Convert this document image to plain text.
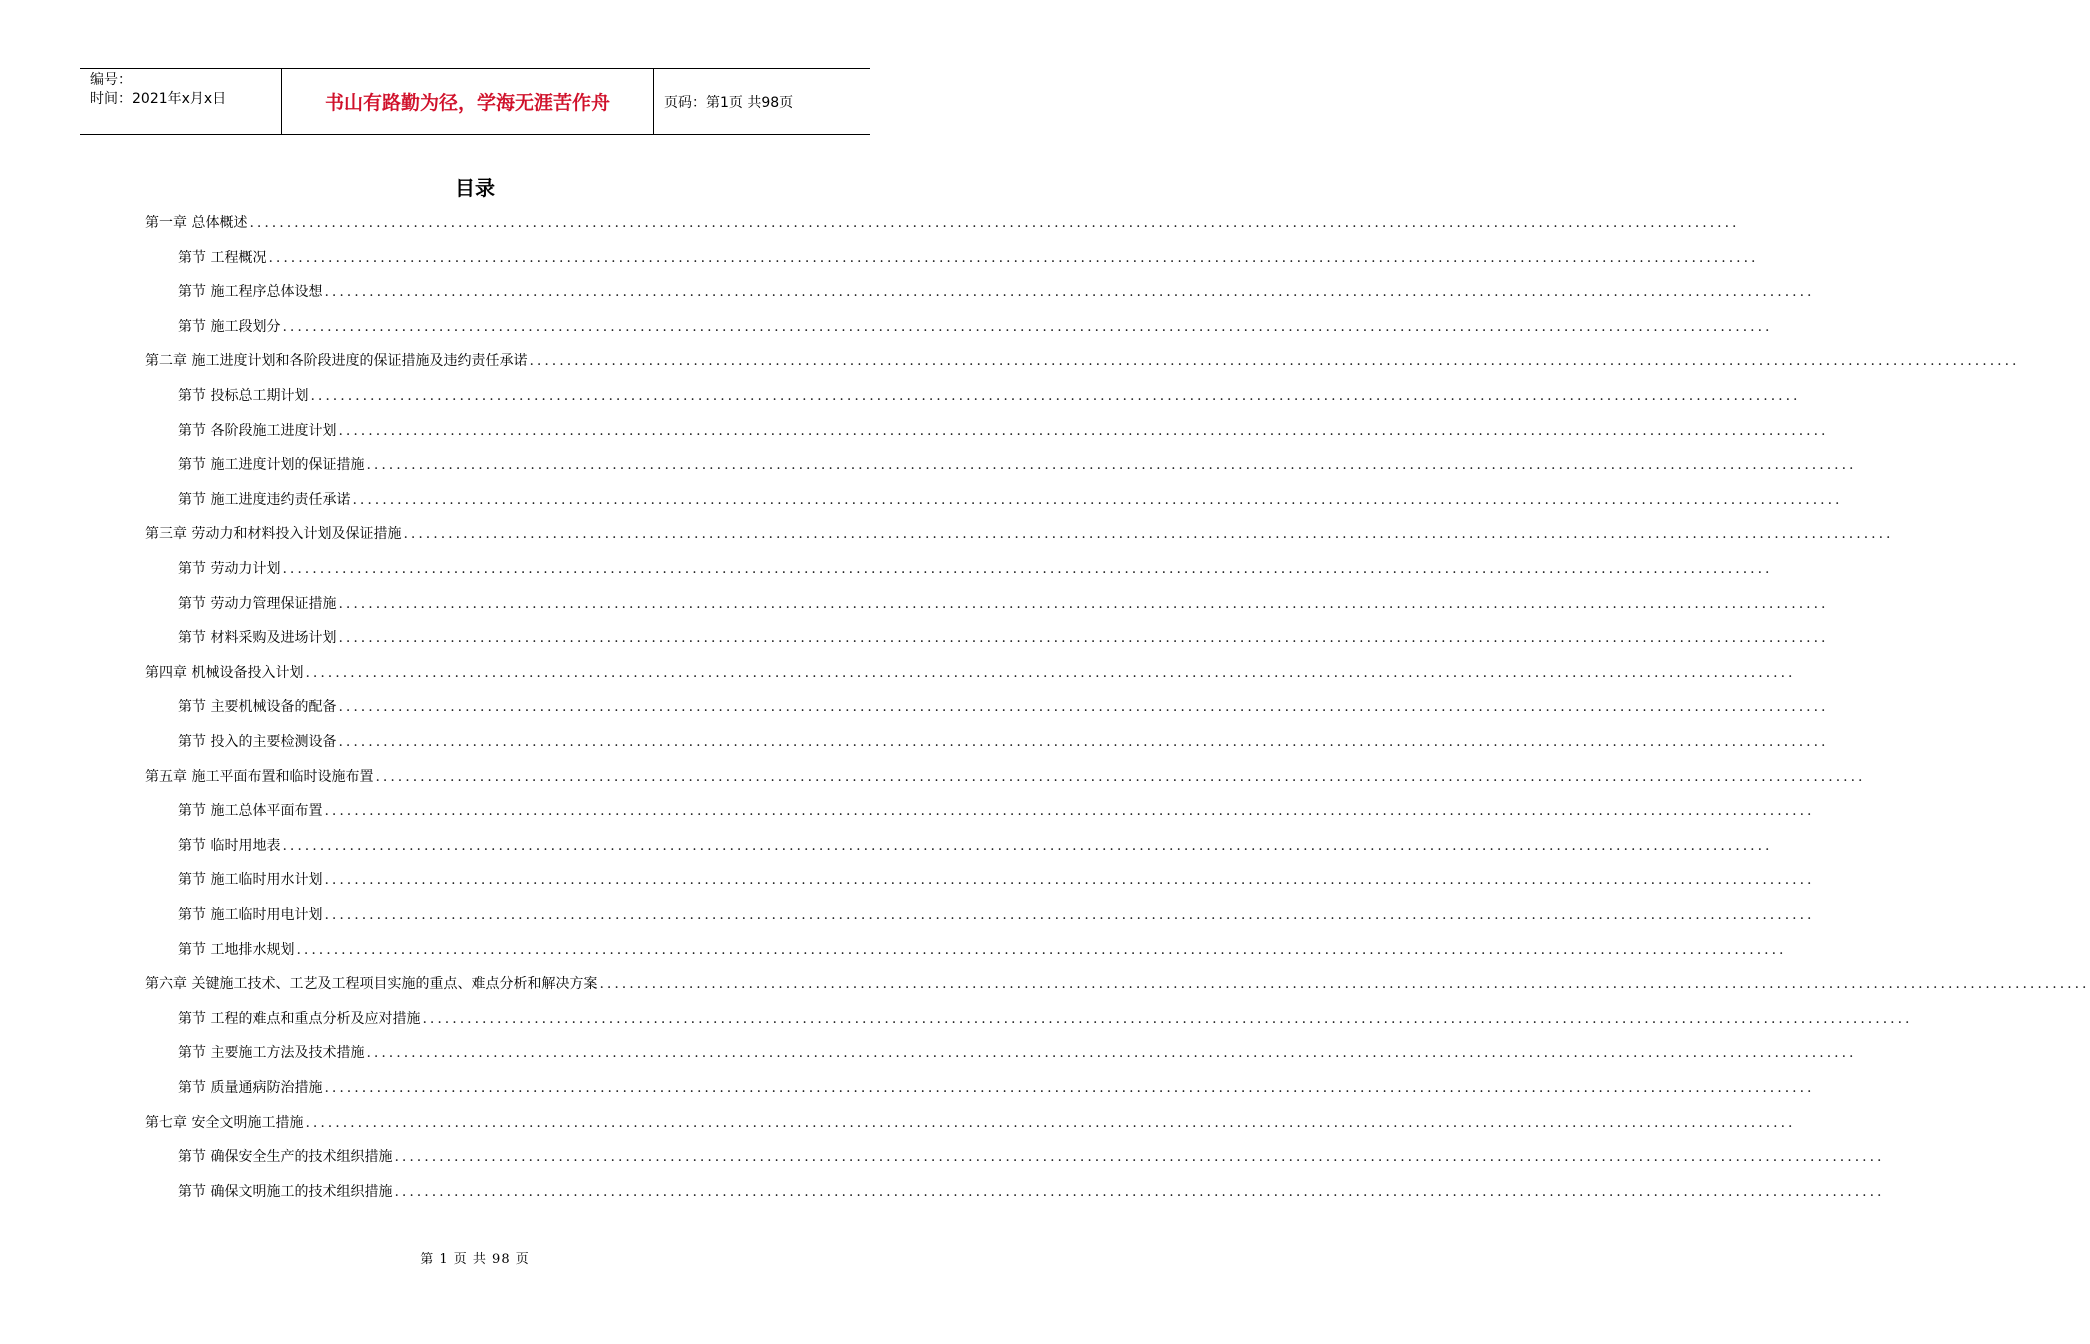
编号：
时间：2021年x月x日	书山有路勤为径，学海无涯苦作舟	页码：第1页 共98页
目录
第一章 总体概述 ........................................................................................................................................................................................................
第节 工程概况 ........................................................................................................................................................................................................
第节 施工程序总体设想 ........................................................................................................................................................................................................
第节 施工段划分 ........................................................................................................................................................................................................
第二章 施工进度计划和各阶段进度的保证措施及违约责任承诺 ........................................................................................................................................................................................................
第节 投标总工期计划 ........................................................................................................................................................................................................
第节 各阶段施工进度计划 ........................................................................................................................................................................................................
第节 施工进度计划的保证措施 ........................................................................................................................................................................................................
第节 施工进度违约责任承诺 ........................................................................................................................................................................................................
第三章 劳动力和材料投入计划及保证措施 ........................................................................................................................................................................................................
第节 劳动力计划 ........................................................................................................................................................................................................
第节 劳动力管理保证措施 ........................................................................................................................................................................................................
第节 材料采购及进场计划 ........................................................................................................................................................................................................
第四章 机械设备投入计划 ........................................................................................................................................................................................................
第节 主要机械设备的配备 ........................................................................................................................................................................................................
第节 投入的主要检测设备 ........................................................................................................................................................................................................
第五章 施工平面布置和临时设施布置 ........................................................................................................................................................................................................
第节 施工总体平面布置 ........................................................................................................................................................................................................
第节 临时用地表 ........................................................................................................................................................................................................
第节 施工临时用水计划 ........................................................................................................................................................................................................
第节 施工临时用电计划 ........................................................................................................................................................................................................
第节 工地排水规划 ........................................................................................................................................................................................................
第六章 关键施工技术、工艺及工程项目实施的重点、难点分析和解决方案 ........................................................................................................................................................................................................
第节 工程的难点和重点分析及应对措施 ........................................................................................................................................................................................................
第节 主要施工方法及技术措施 ........................................................................................................................................................................................................
第节 质量通病防治措施 ........................................................................................................................................................................................................
第七章 安全文明施工措施 ........................................................................................................................................................................................................
第节 确保安全生产的技术组织措施 ........................................................................................................................................................................................................
第节 确保文明施工的技术组织措施 ........................................................................................................................................................................................................
第 1 页 共 98 页
